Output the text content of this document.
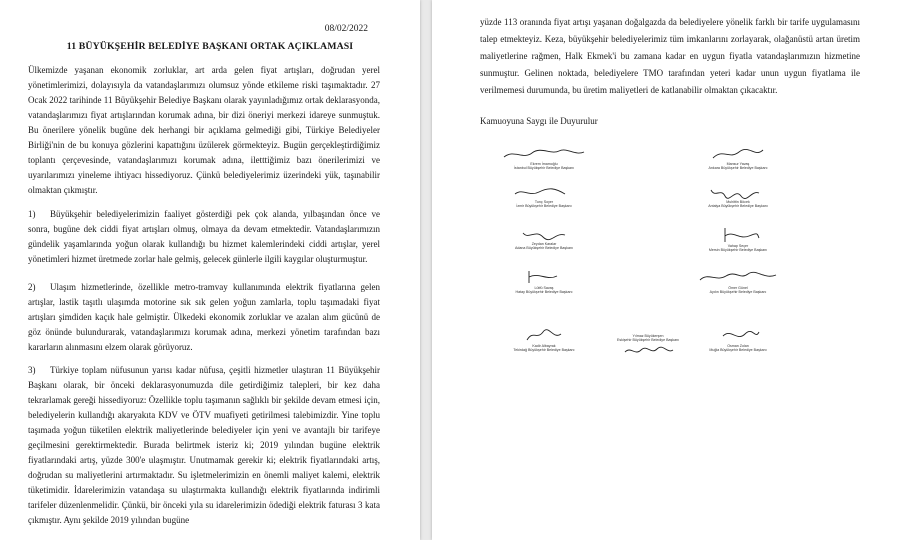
08/02/2022
11 BÜYÜKŞEHİR BELEDİYE BAŞKANI ORTAK AÇIKLAMASI

Ülkemizde yaşanan ekonomik zorluklar, art arda gelen fiyat artışları, doğrudan yerel yönetimlerimizi, dolayısıyla da vatandaşlarımızı olumsuz yönde etkileme riski taşımaktadır. 27 Ocak 2022 tarihinde 11 Büyükşehir Belediye Başkanı olarak yayınladığımız ortak deklarasyonda, vatandaşlarımızı fiyat artışlarından korumak adına, bir dizi öneriyi merkezi idareye sunmuştuk. Bu önerilere yönelik bugüne dek herhangi bir açıklama gelmediği gibi, Türkiye Belediyeler Birliği'nin de bu konuya gözlerini kapattığını üzülerek görmekteyiz. Bugün gerçekleştirdiğimiz toplantı çerçevesinde, vatandaşlarımızı korumak adına, iletttiğimiz bazı önerilerimizi ve uyarılarımızı yineleme ihtiyacı hissediyoruz. Çünkü belediyelerimiz üzerindeki yük, taşınabilir olmaktan çıkmıştır.

1) Büyükşehir belediyelerimizin faaliyet gösterdiği pek çok alanda, yılbaşından önce ve sonra, bugüne dek ciddi fiyat artışları olmuş, olmaya da devam etmektedir. Vatandaşlarımızın gündelik yaşamlarında yoğun olarak kullandığı bu hizmet kalemlerindeki ciddi artışlar, yerel yönetimleri hizmet üretmede zorlar hale gelmiş, gelecek günlerle ilgili kaygılar oluşturmuştur.

2) Ulaşım hizmetlerinde, özellikle metro-tramvay kullanımında elektrik fiyatlarına gelen artışlar, lastik taşıtlı ulaşımda motorine sık sık gelen yoğun zamlarla, toplu taşımadaki fiyat artışları şimdiden kaçık hale gelmiştir. Ülkedeki ekonomik zorluklar ve azalan alım gücünü de göz önünde bulundurarak, vatandaşlarımızı korumak adına, merkezi yönetim tarafından bazı kararların alınmasını elzem olarak görüyoruz.

3) Türkiye toplam nüfusunun yarısı kadar nüfusa, çeşitli hizmetler ulaştıran 11 Büyükşehir Başkanı olarak, bir önceki deklarasyonumuzda dile getirdiğimiz talepleri, bir kez daha tekrarlamak gereği hissediyoruz: Özellikle toplu taşımanın sağlıklı bir şekilde devam etmesi için, belediyelerin kullandığı akaryakıta KDV ve ÖTV muafiyeti getirilmesi talebimizdir. Yine toplu taşımada yoğun tüketilen elektrik maliyetlerinde belediyeler için yeni ve avantajlı bir tarifeye geçilmesini gerektirmektedir. Burada belirtmek isteriz ki; 2019 yılından bugüne elektrik fiyatlarındaki artış, yüzde 300'e ulaşmıştır. Unutmamak gerekir ki; elektrik fiyatlarındaki artış, doğrudan su maliyetlerini artırmaktadır. Su işletmelerimizin en önemli maliyet kalemi, elektrik tüketimidir. İdarelerimizin vatandaşa su ulaştırmakta kullandığı elektrik fiyatlarında indirimli tarifeler düzenlenmelidir. Çünkü, bir önceki yıla su idarelerimizin ödediği elektrik faturası 3 kata çıkmıştır. Aynı şekilde 2019 yılından bugüne

yüzde 113 oranında fiyat artışı yaşanan doğalgazda da belediyelere yönelik farklı bir tarife uygulamasını talep etmekteyiz. Keza, büyükşehir belediyelerimiz tüm imkanlarını zorlayarak, olağanüstü artan üretim maliyetlerine rağmen, Halk Ekmek'i bu zamana kadar en uygun fiyatla vatandaşlarımızın hizmetine sunmuştur. Gelinen noktada, belediyelere TMO tarafından yeteri kadar unun uygun fiyatlama ile verilmemesi durumunda, bu üretim maliyetleri de katlanabilir olmaktan çıkacaktır.

Kamuoyuna Saygı ile Duyurulur
Ekrem İmamoğlu
İstanbul Büyükşehir Belediye Başkanı
Mansur Yavaş
Ankara Büyükşehir Belediye Başkanı
Tunç Soyer
İzmir Büyükşehir Belediye Başkanı
Muhittin Böcek
Antalya Büyükşehir Belediye Başkanı
Zeydan Karalar
Adana Büyükşehir Belediye Başkanı
Vahap Seçer
Mersin Büyükşehir Belediye Başkanı
Lütfü Savaş
Hatay Büyükşehir Belediye Başkanı
Ömer Günel
Aydın Büyükşehir Belediye Başkanı
Kadir Albayrak
Tekirdağ Büyükşehir Belediye Başkanı
Yılmaz Büyükerşen
Eskişehir Büyükşehir Belediye Başkanı
Osman Zolan
Muğla Büyükşehir Belediye Başkanı
